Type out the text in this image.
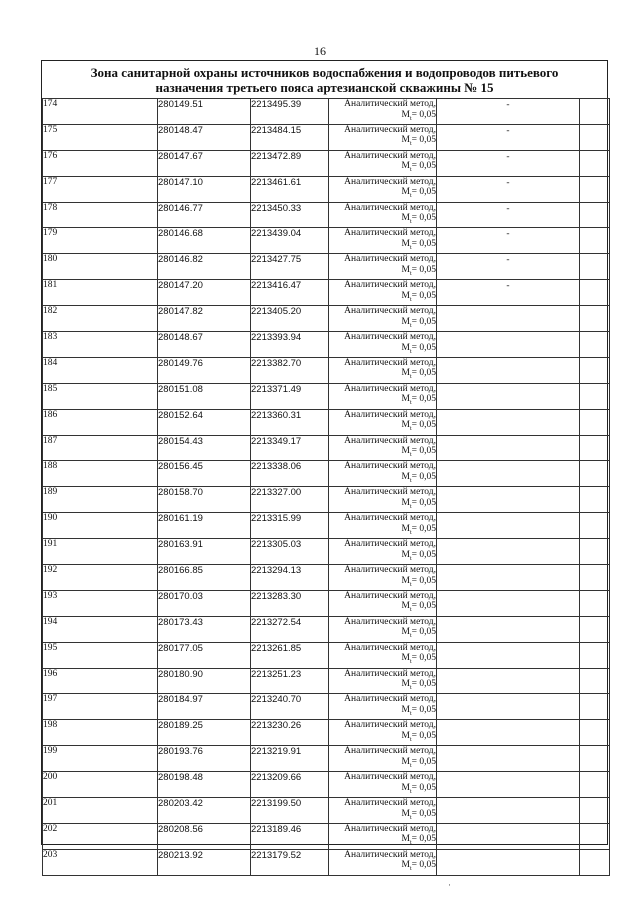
16
Зона санитарной охраны источников водоспабжения и водопроводов питьевого
назначения третьего пояса артезианской скважины № 15
174	280149.51	2213495.39	Аналитический метод,
$M_t= 0,05$	-	
175	280148.47	2213484.15	Аналитический метод,
$M_t= 0,05$	-	
176	280147.67	2213472.89	Аналитический метод,
$M_t= 0,05$	-	
177	280147.10	2213461.61	Аналитический метод,
$M_t= 0,05$	-	
178	280146.77	2213450.33	Аналитический метод,
$M_t= 0,05$	-	
179	280146.68	2213439.04	Аналитический метод,
$M_t= 0,05$	-	
180	280146.82	2213427.75	Аналитический метод,
$M_t= 0,05$	-	
181	280147.20	2213416.47	Аналитический метод,
$M_t= 0,05$	-	
182	280147.82	2213405.20	Аналитический метод,
$M_t= 0,05$		

183	280148.67	2213393.94	Аналитический метод,
$M_t= 0,05$		

184	280149.76	2213382.70	Аналитический метод,
$M_t= 0,05$		

185	280151.08	2213371.49	Аналитический метод,
$M_t= 0,05$		

186	280152.64	2213360.31	Аналитический метод,
$M_t= 0,05$		

187	280154.43	2213349.17	Аналитический метод,
$M_t= 0,05$		

188	280156.45	2213338.06	Аналитический метод,
$M_t= 0,05$		

189	280158.70	2213327.00	Аналитический метод,
$M_t= 0,05$		

190	280161.19	2213315.99	Аналитический метод,
$M_t= 0,05$		

191	280163.91	2213305.03	Аналитический метод,
$M_t= 0,05$		

192	280166.85	2213294.13	Аналитический метод,
$M_t= 0,05$		

193	280170.03	2213283.30	Аналитический метод,
$M_t= 0,05$		

194	280173.43	2213272.54	Аналитический метод,
$M_t= 0,05$		

195	280177.05	2213261.85	Аналитический метод,
$M_t= 0,05$		

196	280180.90	2213251.23	Аналитический метод,
$M_t= 0,05$		

197	280184.97	2213240.70	Аналитический метод,
$M_t= 0,05$		

198	280189.25	2213230.26	Аналитический метод,
$M_t= 0,05$		

199	280193.76	2213219.91	Аналитический метод,
$M_t= 0,05$		

200	280198.48	2213209.66	Аналитический метод,
$M_t= 0,05$		

201	280203.42	2213199.50	Аналитический метод,
$M_t= 0,05$		

202	280208.56	2213189.46	Аналитический метод,
$M_t= 0,05$		

203	280213.92	2213179.52	Аналитический метод,
$M_t= 0,05$		

·
